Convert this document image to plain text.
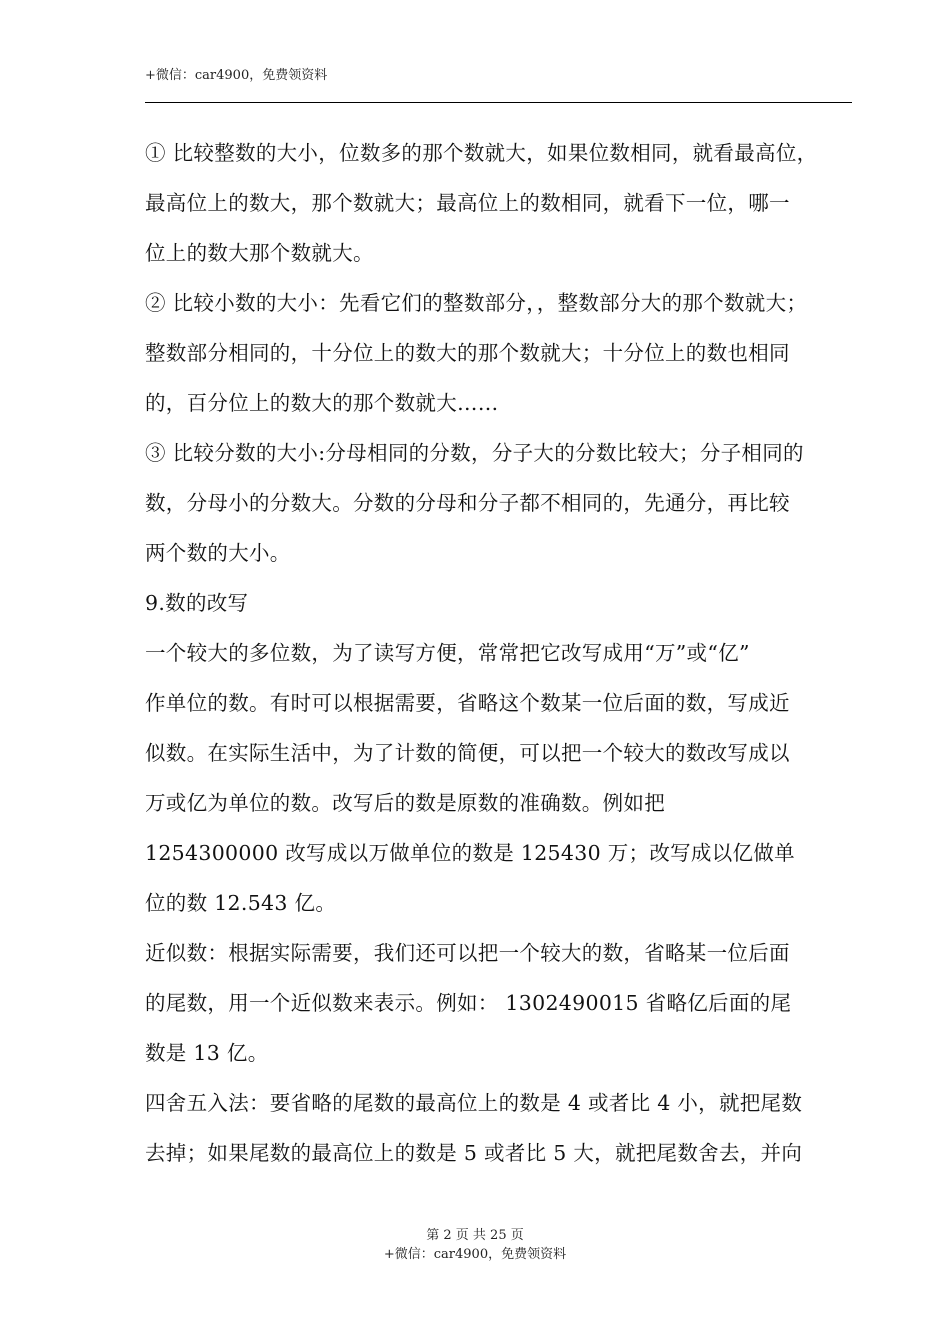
+微信：car4900，免费领资料

① 比较整数的大小，位数多的那个数就大，如果位数相同，就看最高位，

最高位上的数大，那个数就大；最高位上的数相同，就看下一位，哪一

位上的数大那个数就大。

② 比较小数的大小：先看它们的整数部分，，整数部分大的那个数就大；

整数部分相同的，十分位上的数大的那个数就大；十分位上的数也相同

的，百分位上的数大的那个数就大……

③ 比较分数的大小:分母相同的分数，分子大的分数比较大；分子相同的

数，分母小的分数大。分数的分母和分子都不相同的，先通分，再比较

两个数的大小。

9.数的改写

一个较大的多位数，为了读写方便，常常把它改写成用“万”或“亿”

作单位的数。有时可以根据需要，省略这个数某一位后面的数，写成近

似数。在实际生活中，为了计数的简便，可以把一个较大的数改写成以

万或亿为单位的数。改写后的数是原数的准确数。例如把

1254300000 改写成以万做单位的数是 125430 万；改写成以亿做单

位的数 12.543 亿。

近似数：根据实际需要，我们还可以把一个较大的数，省略某一位后面

的尾数，用一个近似数来表示。例如： 1302490015 省略亿后面的尾

数是 13 亿。

四舍五入法：要省略的尾数的最高位上的数是 4 或者比 4 小，就把尾数

去掉；如果尾数的最高位上的数是 5 或者比 5 大，就把尾数舍去，并向

第 2 页 共 25 页
+微信：car4900，免费领资料
